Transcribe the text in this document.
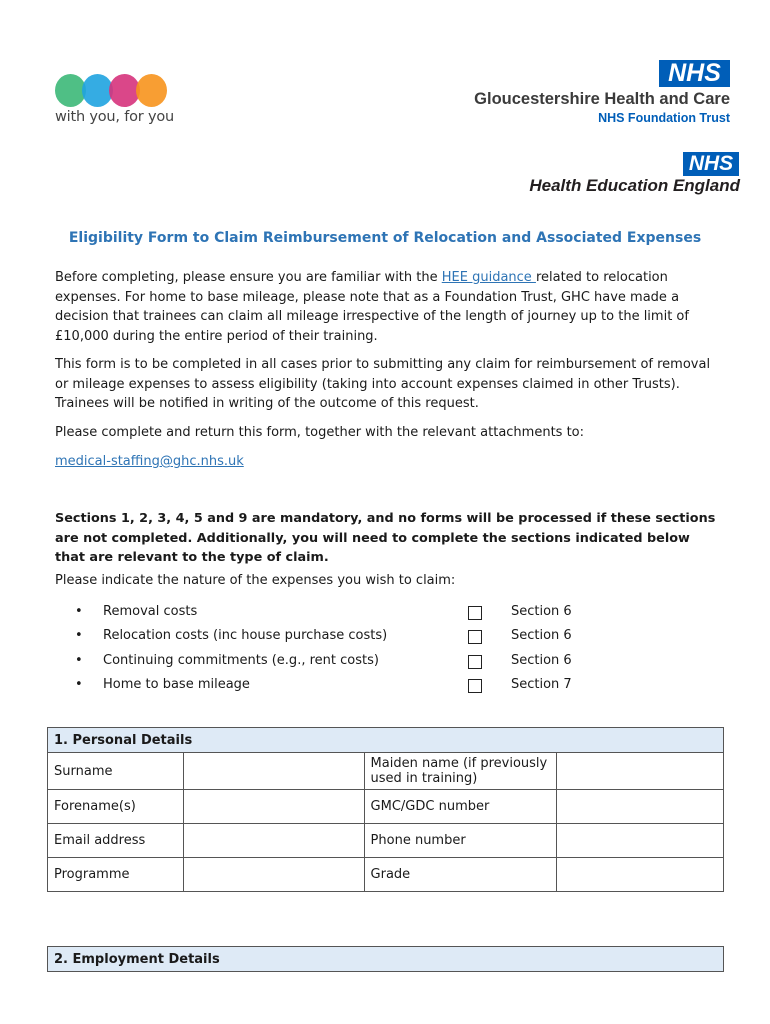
with you, for you
NHS
Gloucestershire Health and Care
NHS Foundation Trust
NHS
Health Education England
Eligibility Form to Claim Reimbursement of Relocation and Associated Expenses
Before completing, please ensure you are familiar with the HEE guidance related to relocation expenses. For home to base mileage, please note that as a Foundation Trust, GHC have made a decision that trainees can claim all mileage irrespective of the length of journey up to the limit of £10,000 during the entire period of their training.
This form is to be completed in all cases prior to submitting any claim for reimbursement of removal or mileage expenses to assess eligibility (taking into account expenses claimed in other Trusts). Trainees will be notified in writing of the outcome of this request.
Please complete and return this form, together with the relevant attachments to:
medical-staffing@ghc.nhs.uk
Sections 1, 2, 3, 4, 5 and 9 are mandatory, and no forms will be processed if these sections are not completed. Additionally, you will need to complete the sections indicated below that are relevant to the type of claim.
Please indicate the nature of the expenses you wish to claim:
• Removal costs	Section 6
• Relocation costs (inc house purchase costs)	Section 6
• Continuing commitments (e.g., rent costs)	Section 6
• Home to base mileage	Section 7
1. Personal Details			
Surname		Maiden name (if previously used in training)	
Forename(s)		GMC/GDC number	
Email address		Phone number	
Programme		Grade	
2. Employment Details
